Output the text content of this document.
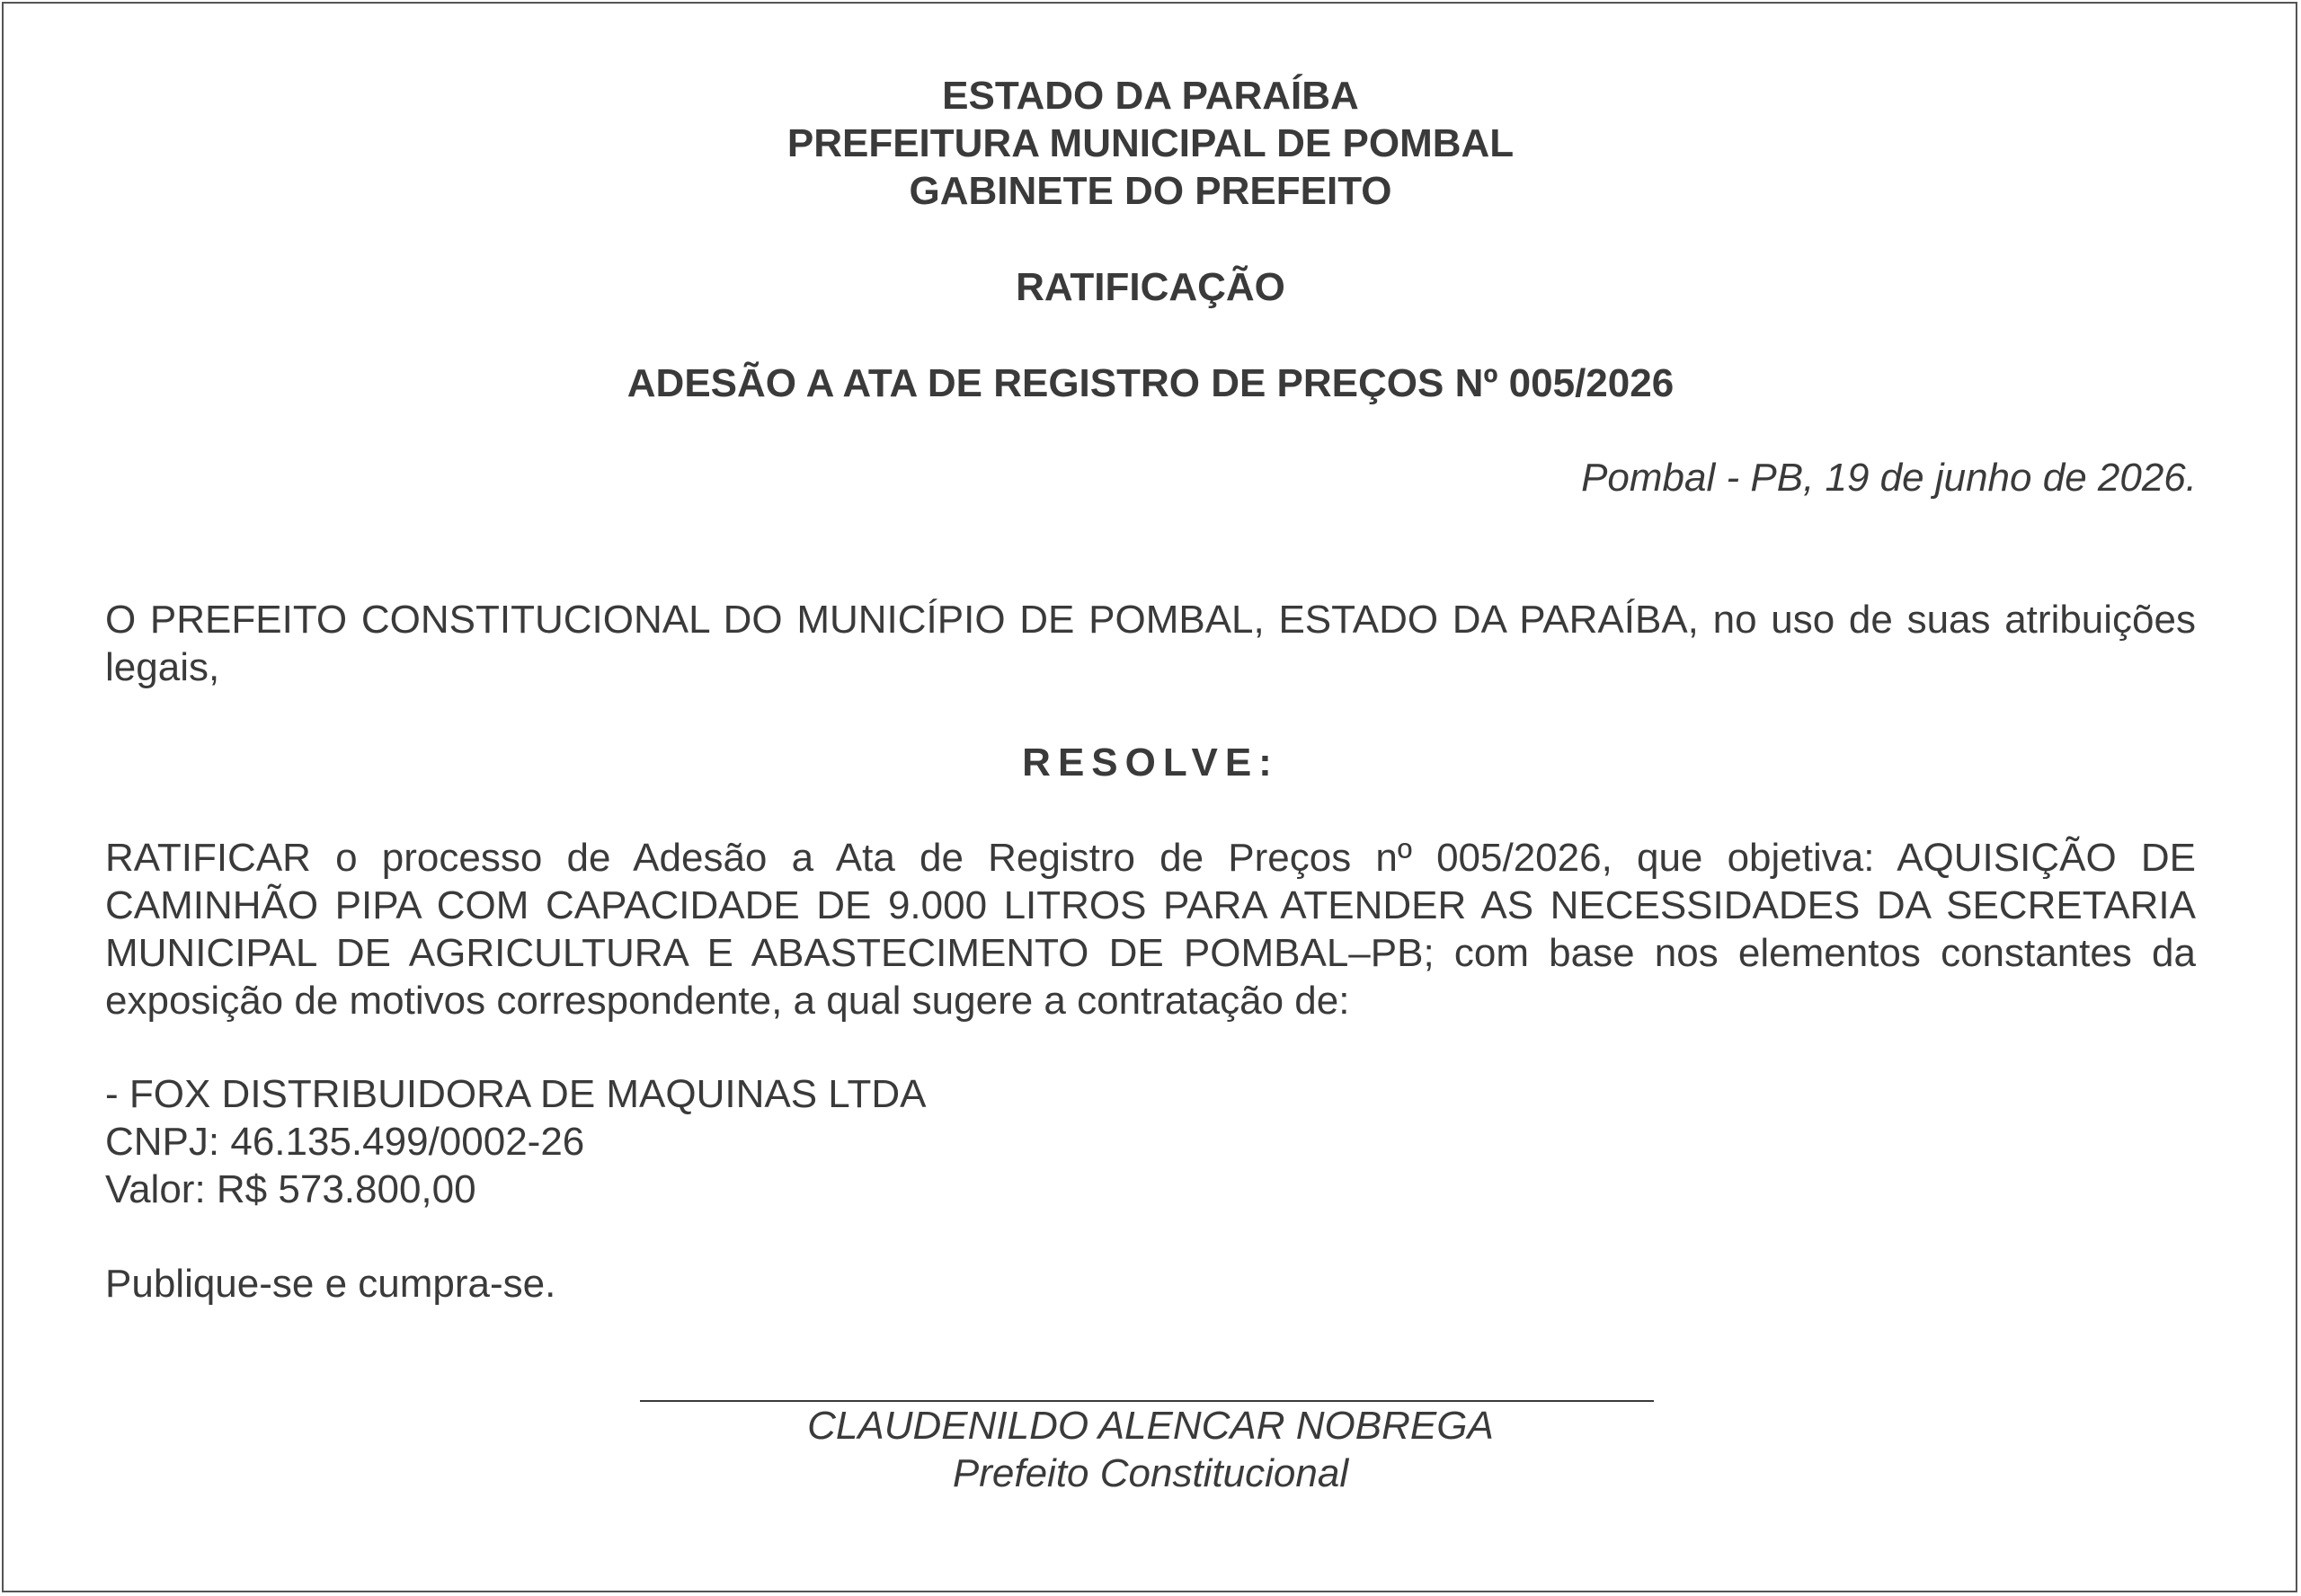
ESTADO DA PARAÍBA
PREFEITURA MUNICIPAL DE POMBAL
GABINETE DO PREFEITO
RATIFICAÇÃO
ADESÃO A ATA DE REGISTRO DE PREÇOS Nº 005/2026
Pombal - PB, 19 de junho de 2026.
O PREFEITO CONSTITUCIONAL DO MUNICÍPIO DE POMBAL, ESTADO DA PARAÍBA, no uso de suas atribuições legais,
RESOLVE:
RATIFICAR o processo de Adesão a Ata de Registro de Preços nº 005/2026, que objetiva: AQUISIÇÃO DE CAMINHÃO PIPA COM CAPACIDADE DE 9.000 LITROS PARA ATENDER AS NECESSIDADES DA SECRETARIA MUNICIPAL DE AGRICULTURA E ABASTECIMENTO DE POMBAL–PB; com base nos elementos constantes da exposição de motivos correspondente, a qual sugere a contratação de:
- FOX DISTRIBUIDORA DE MAQUINAS LTDA
CNPJ: 46.135.499/0002-26
Valor: R$ 573.800,00
Publique-se e cumpra-se.
CLAUDENILDO ALENCAR NOBREGA
Prefeito Constitucional
